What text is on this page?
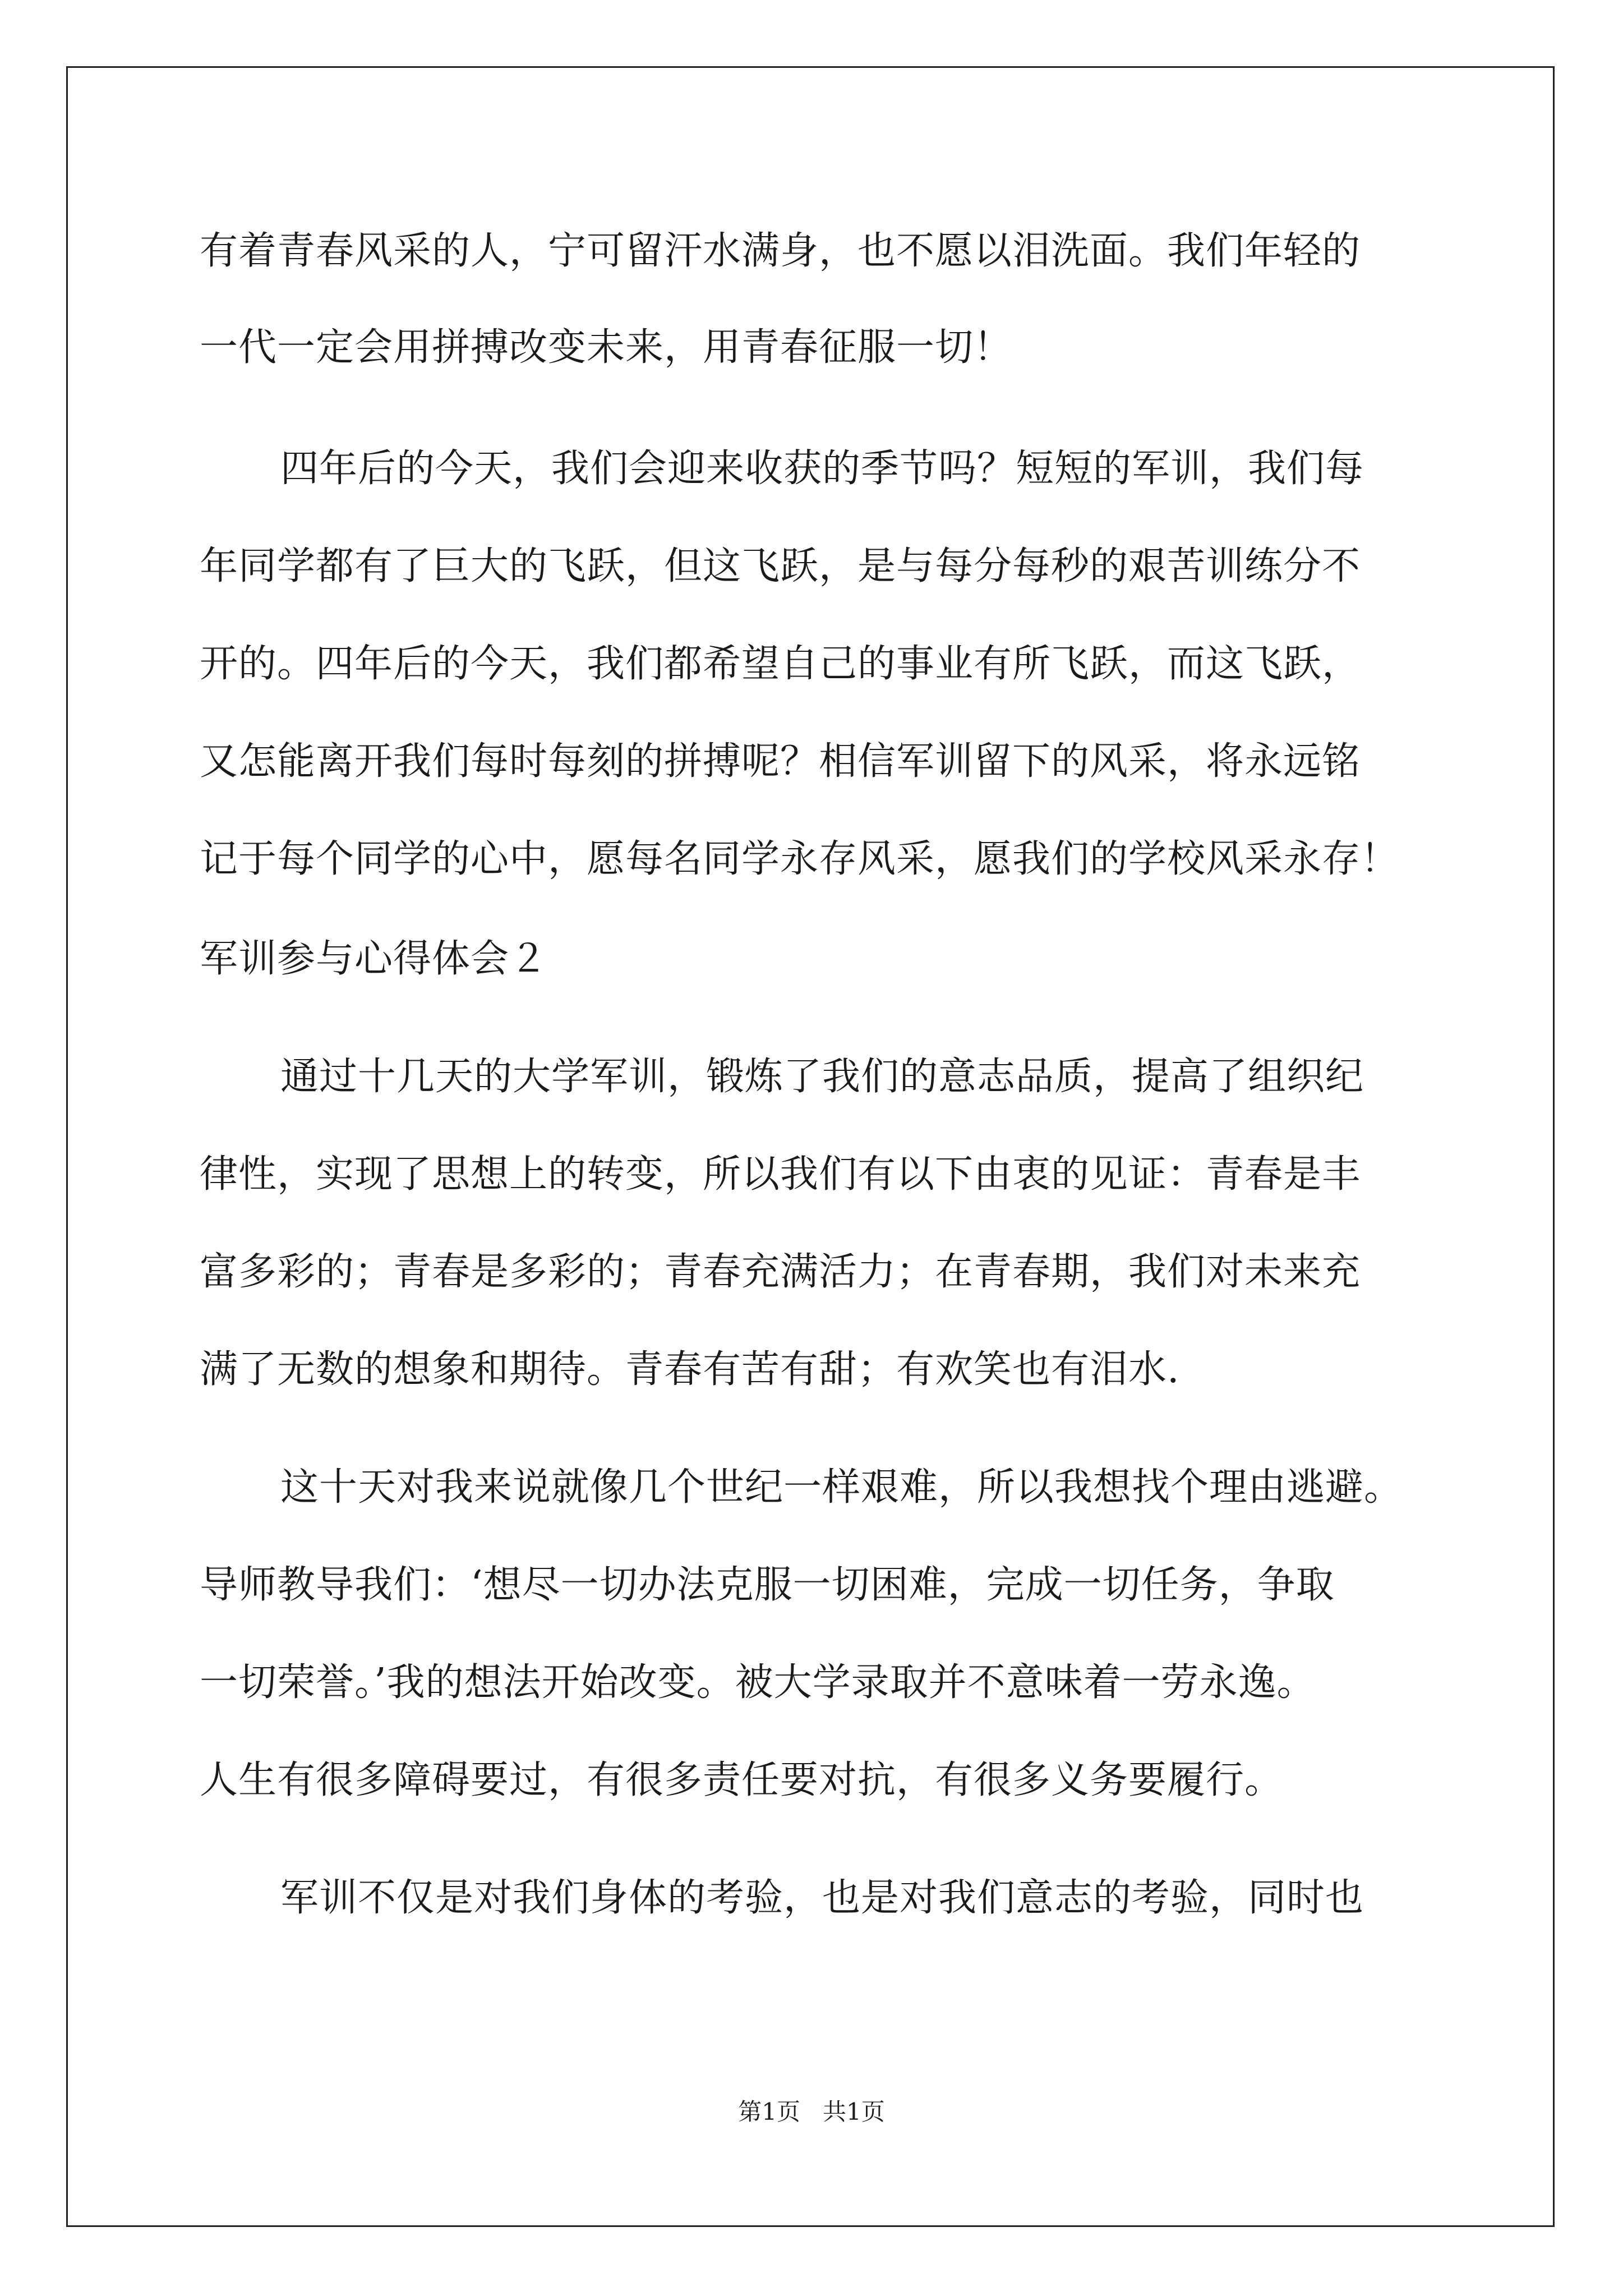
有着青春风采的人，宁可留汗水满身，也不愿以泪洗面。我们年轻的
一代一定会用拼搏改变未来，用青春征服一切！
四年后的今天，我们会迎来收获的季节吗？短短的军训，我们每
年同学都有了巨大的飞跃，但这飞跃，是与每分每秒的艰苦训练分不
开的。四年后的今天，我们都希望自己的事业有所飞跃，而这飞跃，
又怎能离开我们每时每刻的拼搏呢？相信军训留下的风采，将永远铭
记于每个同学的心中，愿每名同学永存风采，愿我们的学校风采永存！
军训参与心得体会２
通过十几天的大学军训，锻炼了我们的意志品质，提高了组织纪
律性，实现了思想上的转变，所以我们有以下由衷的见证：青春是丰
富多彩的；青春是多彩的；青春充满活力；在青春期，我们对未来充
满了无数的想象和期待。青春有苦有甜；有欢笑也有泪水.
这十天对我来说就像几个世纪一样艰难，所以我想找个理由逃避。
导师教导我们：‘想尽一切办法克服一切困难，完成一切任务，争取
一切荣誉。’我的想法开始改变。被大学录取并不意味着一劳永逸。
人生有很多障碍要过，有很多责任要对抗，有很多义务要履行。
军训不仅是对我们身体的考验，也是对我们意志的考验，同时也
第1页   共1页
